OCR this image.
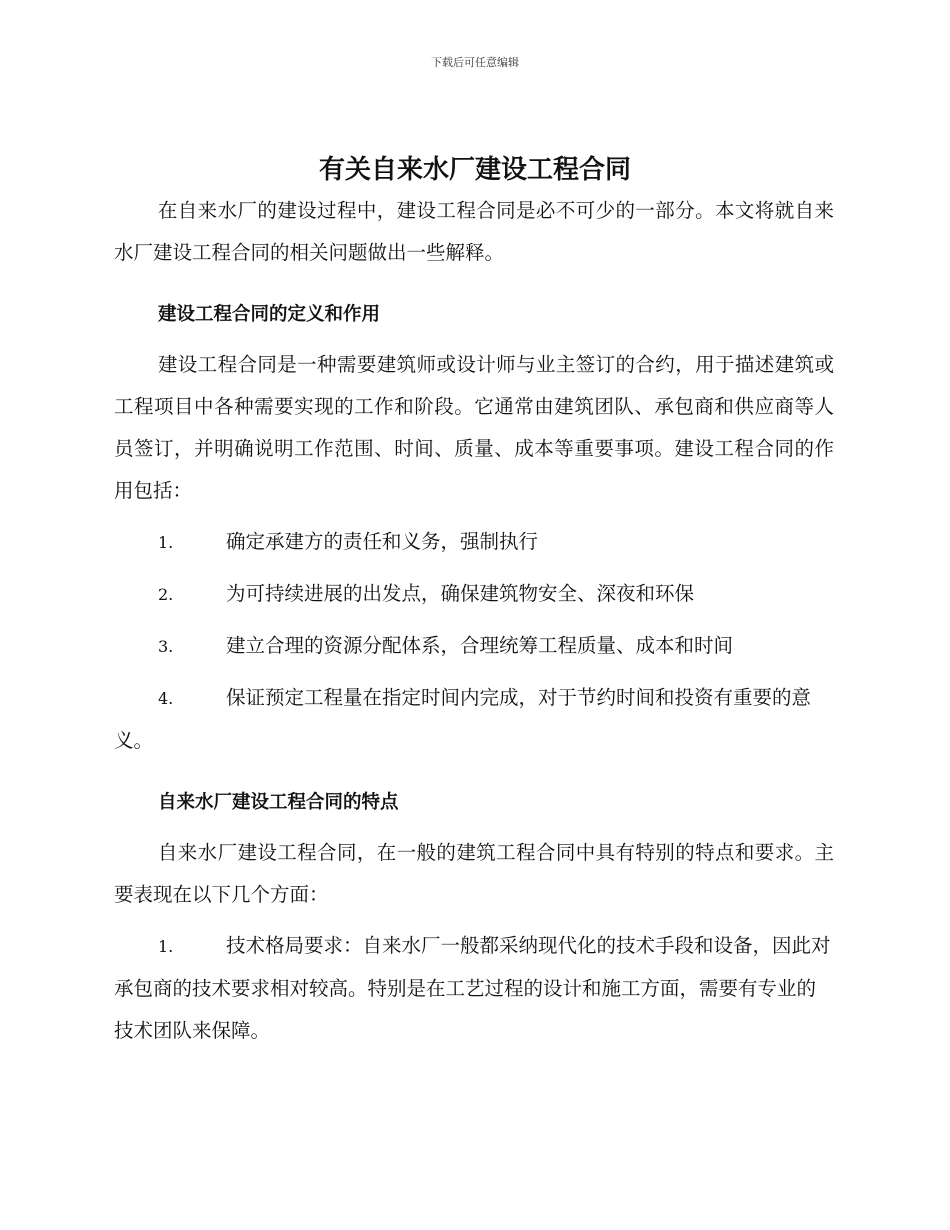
下载后可任意编辑
有关自来水厂建设工程合同

在自来水厂的建设过程中，建设工程合同是必不可少的一部分。本文将就自来水厂建设工程合同的相关问题做出一些解释。

建设工程合同的定义和作用

建设工程合同是一种需要建筑师或设计师与业主签订的合约，用于描述建筑或工程项目中各种需要实现的工作和阶段。它通常由建筑团队、承包商和供应商等人员签订，并明确说明工作范围、时间、质量、成本等重要事项。建设工程合同的作用包括：

1.	确定承建方的责任和义务，强制执行
2.	为可持续进展的出发点，确保建筑物安全、深夜和环保
3.	建立合理的资源分配体系，合理统筹工程质量、成本和时间
4.	保证预定工程量在指定时间内完成，对于节约时间和投资有重要的意义。
自来水厂建设工程合同的特点

自来水厂建设工程合同，在一般的建筑工程合同中具有特别的特点和要求。主要表现在以下几个方面：

1.	技术格局要求：自来水厂一般都采纳现代化的技术手段和设备，因此对承包商的技术要求相对较高。特别是在工艺过程的设计和施工方面，需要有专业的技术团队来保障。
